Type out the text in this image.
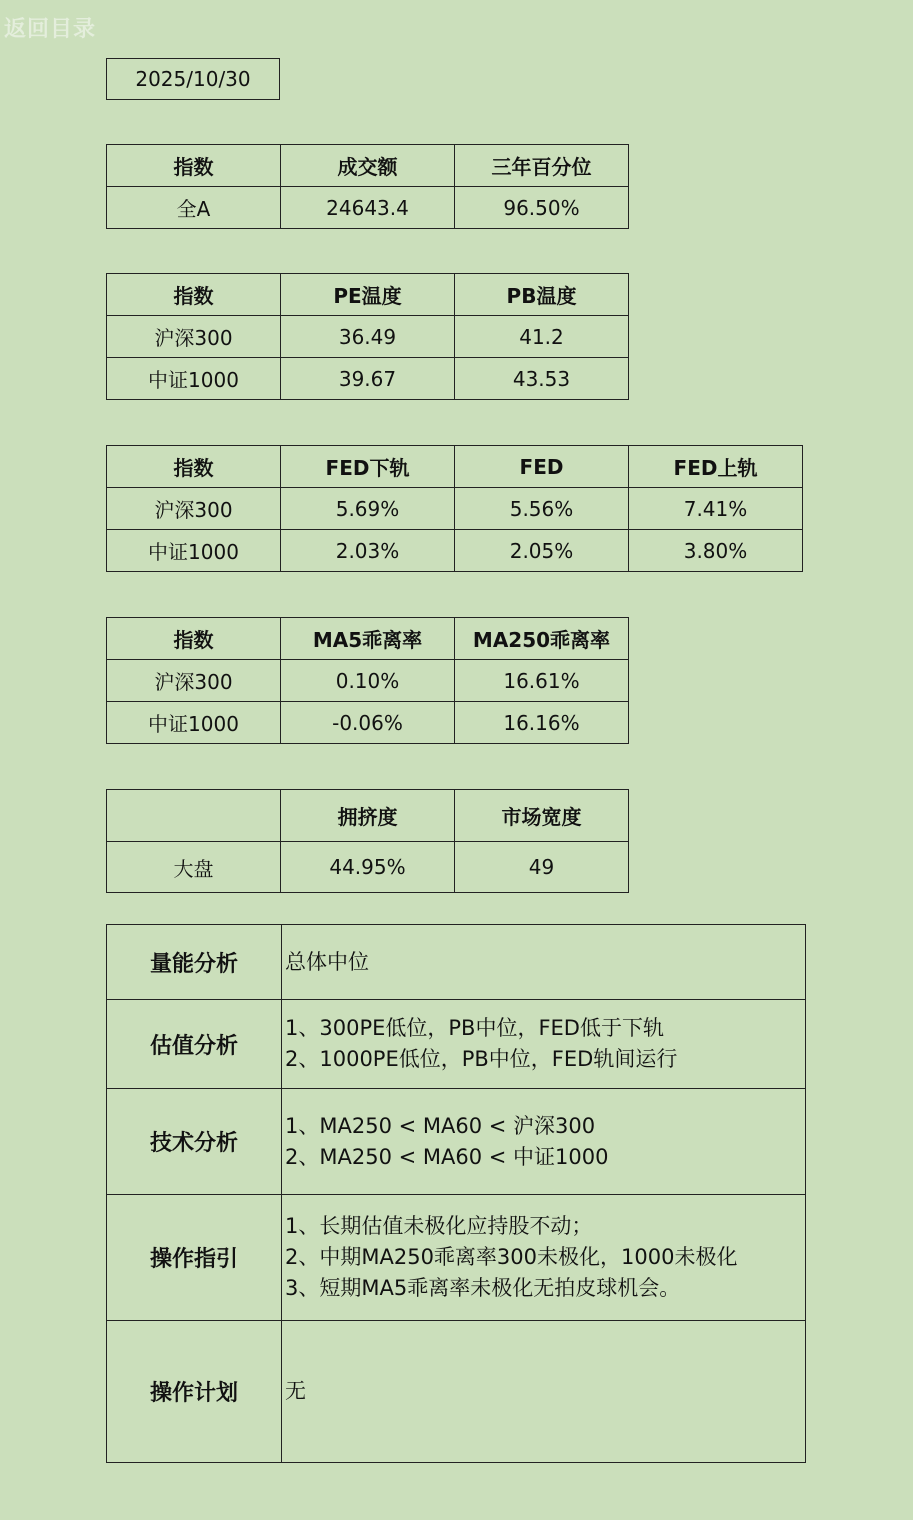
返回目录
2025/10/30
指数	成交额	三年百分位
全A	24643.4	96.50%
指数	PE温度	PB温度
沪深300	36.49	41.2
中证1000	39.67	43.53
指数	FED下轨	FED	FED上轨
沪深300	5.69%	5.56%	7.41%
中证1000	2.03%	2.05%	3.80%
指数	MA5乖离率	MA250乖离率
沪深300	0.10%	16.61%
中证1000	-0.06%	16.16%
	拥挤度	市场宽度
大盘	44.95%	49
量能分析	总体中位

估值分析	1、300PE低位，PB中位，FED低于下轨
2、1000PE低位，PB中位，FED轨间运行

技术分析	1、MA250 < MA60 < 沪深300
2、MA250 < MA60 < 中证1000

操作指引	1、长期估值未极化应持股不动；
2、中期MA250乖离率300未极化，1000未极化
3、短期MA5乖离率未极化无拍皮球机会。

操作计划	无
